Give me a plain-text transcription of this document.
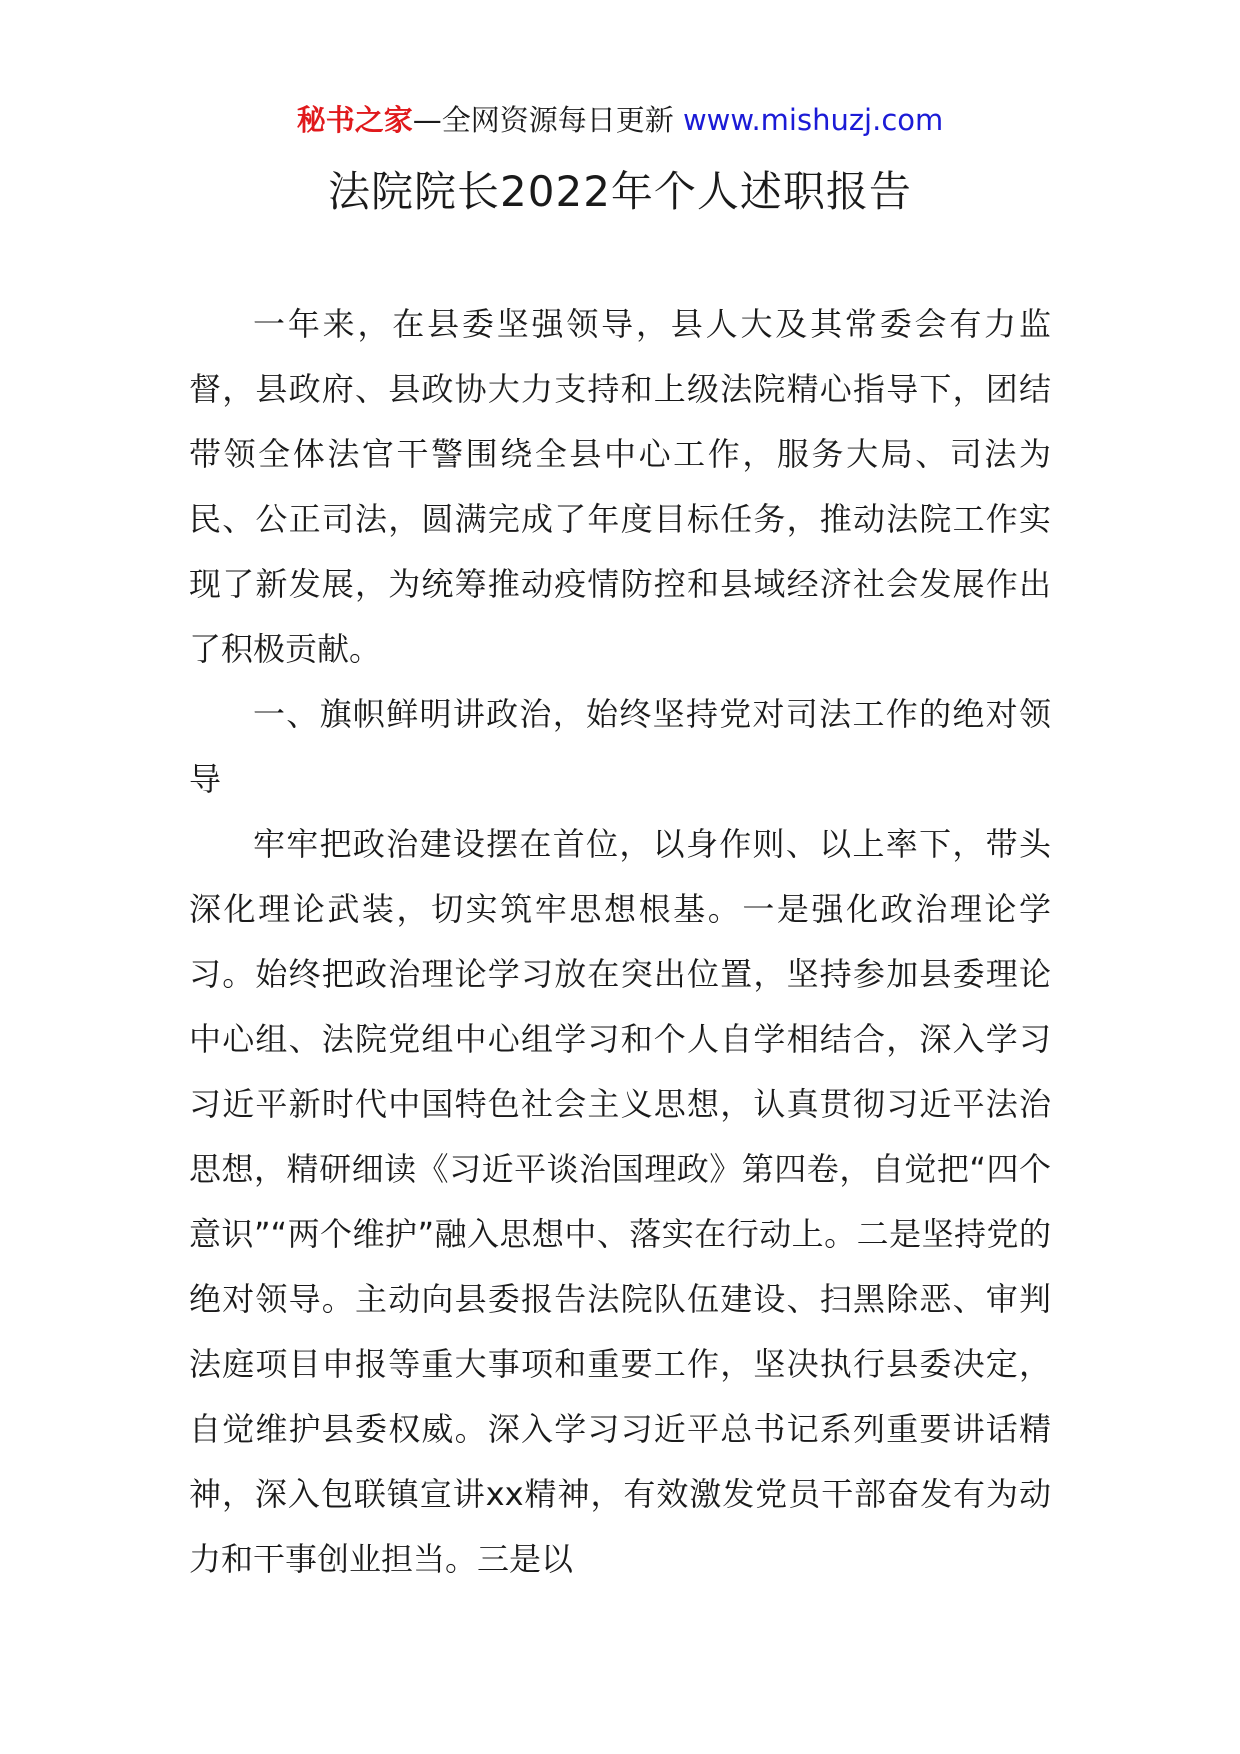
秘书之家—全网资源每日更新 www.mishuzj.com
法院院长2022年个人述职报告

一年来，在县委坚强领导，县人大及其常委会有力监督，县政府、县政协大力支持和上级法院精心指导下，团结带领全体法官干警围绕全县中心工作，服务大局、司法为民、公正司法，圆满完成了年度目标任务，推动法院工作实现了新发展，为统筹推动疫情防控和县域经济社会发展作出了积极贡献。

一、旗帜鲜明讲政治，始终坚持党对司法工作的绝对领导

牢牢把政治建设摆在首位，以身作则、以上率下，带头深化理论武装，切实筑牢思想根基。一是强化政治理论学习。始终把政治理论学习放在突出位置，坚持参加县委理论中心组、法院党组中心组学习和个人自学相结合，深入学习习近平新时代中国特色社会主义思想，认真贯彻习近平法治思想，精研细读《习近平谈治国理政》第四卷，自觉把“四个意识”“两个维护”融入思想中、落实在行动上。二是坚持党的绝对领导。主动向县委报告法院队伍建设、扫黑除恶、审判法庭项目申报等重大事项和重要工作，坚决执行县委决定，自觉维护县委权威。深入学习习近平总书记系列重要讲话精神，深入包联镇宣讲xx精神，有效激发党员干部奋发有为动力和干事创业担当。三是以
